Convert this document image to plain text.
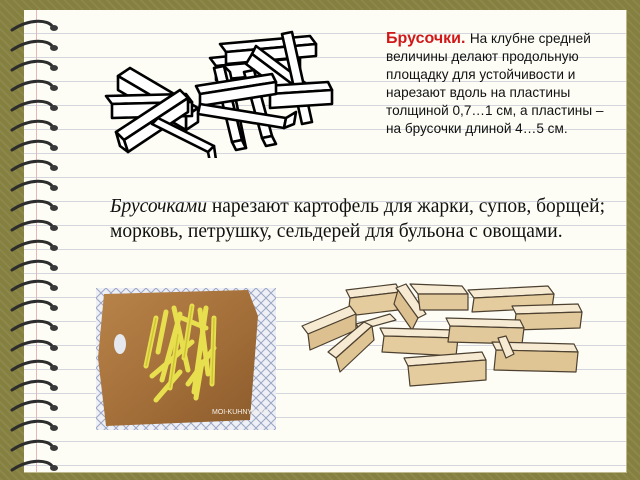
Брусочки. На клубне средней величины делают продольную площадку для устойчивости и нарезают вдоль на пластины толщиной 0,7…1 см, а пластины – на брусочки длиной 4…5 см.
Брусочками нарезают картофель для жарки, супов, борщей; морковь, петрушку, сельдерей для бульона с овощами.
MOI-KUHNYA.RU
